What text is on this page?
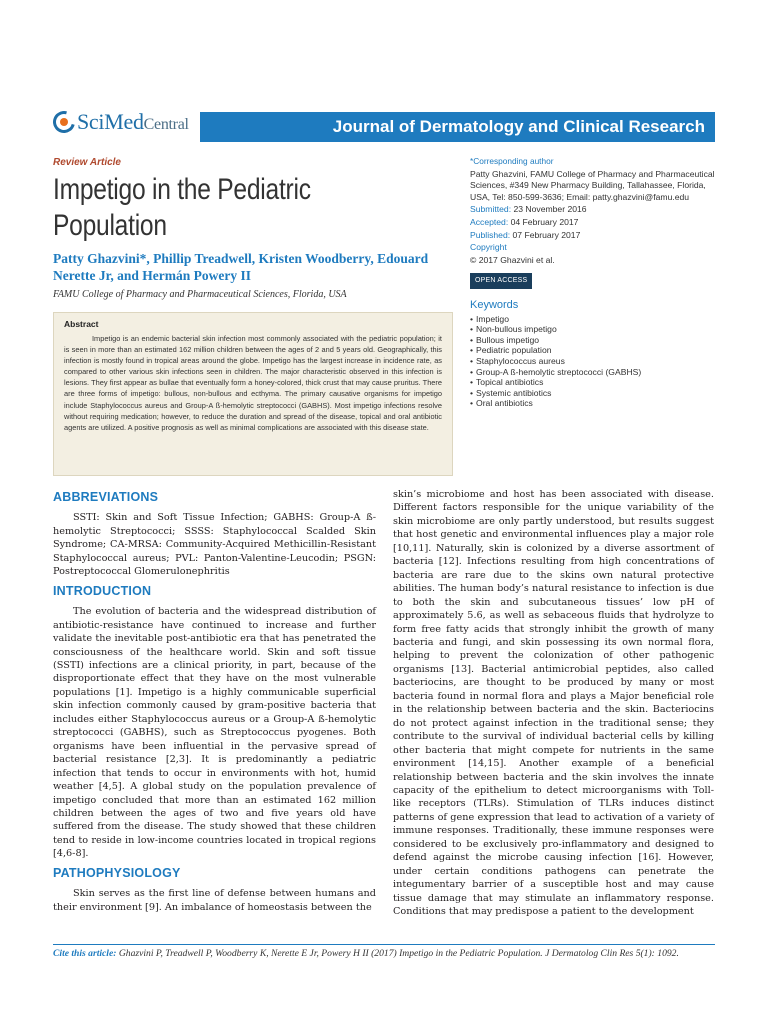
SciMedCentral	Journal of Dermatology and Clinical Research
Review Article
Impetigo in the Pediatric Population
Patty Ghazvini*, Phillip Treadwell, Kristen Woodberry, Edouard Nerette Jr, and Hermán Powery II
FAMU College of Pharmacy and Pharmaceutical Sciences, Florida, USA
Abstract

Impetigo is an endemic bacterial skin infection most commonly associated with the pediatric population; it is seen in more than an estimated 162 million children between the ages of 2 and 5 years old. Geographically, this infection is mostly found in tropical areas around the globe. Impetigo has the largest increase in incidence rate, as compared to other various skin infections seen in children. The major characteristic observed in this infection is lesions. They first appear as bullae that eventually form a honey-colored, thick crust that may cause pruritus. There are three forms of impetigo: bullous, non-bullous and ecthyma. The primary causative organisms for impetigo include Staphylococcus aureus and Group-A ß-hemolytic streptococci (GABHS). Most impetigo infections resolve without requiring medication; however, to reduce the duration and spread of the disease, topical and oral antibiotic agents are utilized. A positive prognosis as well as minimal complications are associated with this disease state.

*Corresponding author
Patty Ghazvini, FAMU College of Pharmacy and Pharmaceutical Sciences, #349 New Pharmacy Building, Tallahassee, Florida, USA, Tel: 850-599-3636; Email: patty.ghazvini@famu.edu
Submitted: 23 November 2016
Accepted: 04 February 2017
Published: 07 February 2017
Copyright
© 2017 Ghazvini et al.
OPEN ACCESS
Keywords
• Impetigo
• Non-bullous impetigo
• Bullous impetigo
• Pediatric population
• Staphylococcus aureus
• Group-A ß-hemolytic streptococci (GABHS)
• Topical antibiotics
• Systemic antibiotics
• Oral antibiotics
ABBREVIATIONS

SSTI: Skin and Soft Tissue Infection; GABHS: Group-A ß-hemolytic Streptococci; SSSS: Staphylococcal Scalded Skin Syndrome; CA-MRSA: Community-Acquired Methicillin-Resistant Staphylococcal aureus; PVL: Panton-Valentine-Leucodin; PSGN: Postreptococcal Glomerulonephritis

INTRODUCTION

The evolution of bacteria and the widespread distribution of antibiotic-resistance have continued to increase and further validate the inevitable post-antibiotic era that has penetrated the consciousness of the healthcare world. Skin and soft tissue (SSTI) infections are a clinical priority, in part, because of the disproportionate effect that they have on the most vulnerable populations [1]. Impetigo is a highly communicable superficial skin infection commonly caused by gram-positive bacteria that includes either Staphylococcus aureus or a Group-A ß-hemolytic streptococci (GABHS), such as Streptococcus pyogenes. Both organisms have been influential in the pervasive spread of bacterial resistance [2,3]. It is predominantly a pediatric infection that tends to occur in environments with hot, humid weather [4,5]. A global study on the population prevalence of impetigo concluded that more than an estimated 162 million children between the ages of two and five years old have suffered from the disease. The study showed that these children tend to reside in low-income countries located in tropical regions [4,6-8].

PATHOPHYSIOLOGY

Skin serves as the first line of defense between humans and their environment [9]. An imbalance of homeostasis between the

skin’s microbiome and host has been associated with disease. Different factors responsible for the unique variability of the skin microbiome are only partly understood, but results suggest that host genetic and environmental influences play a major role [10,11]. Naturally, skin is colonized by a diverse assortment of bacteria [12]. Infections resulting from high concentrations of bacteria are rare due to the skins own natural protective abilities. The human body’s natural resistance to infection is due to both the skin and subcutaneous tissues’ low pH of approximately 5.6, as well as sebaceous fluids that hydrolyze to form free fatty acids that strongly inhibit the growth of many bacteria and fungi, and skin possessing its own normal flora, helping to prevent the colonization of other pathogenic organisms [13]. Bacterial antimicrobial peptides, also called bacteriocins, are thought to be produced by many or most bacteria found in normal flora and plays a Major beneficial role in the relationship between bacteria and the skin. Bacteriocins do not protect against infection in the traditional sense; they contribute to the survival of individual bacterial cells by killing other bacteria that might compete for nutrients in the same environment [14,15]. Another example of a beneficial relationship between bacteria and the skin involves the innate capacity of the epithelium to detect microorganisms with Toll-like receptors (TLRs). Stimulation of TLRs induces distinct patterns of gene expression that lead to activation of a variety of immune responses. Traditionally, these immune responses were considered to be exclusively pro-inflammatory and designed to defend against the microbe causing infection [16]. However, under certain conditions pathogens can penetrate the integumentary barrier of a susceptible host and may cause tissue damage that may stimulate an inflammatory response. Conditions that may predispose a patient to the development

Cite this article: Ghazvini P, Treadwell P, Woodberry K, Nerette E Jr, Powery H II (2017) Impetigo in the Pediatric Population. J Dermatolog Clin Res 5(1): 1092.
